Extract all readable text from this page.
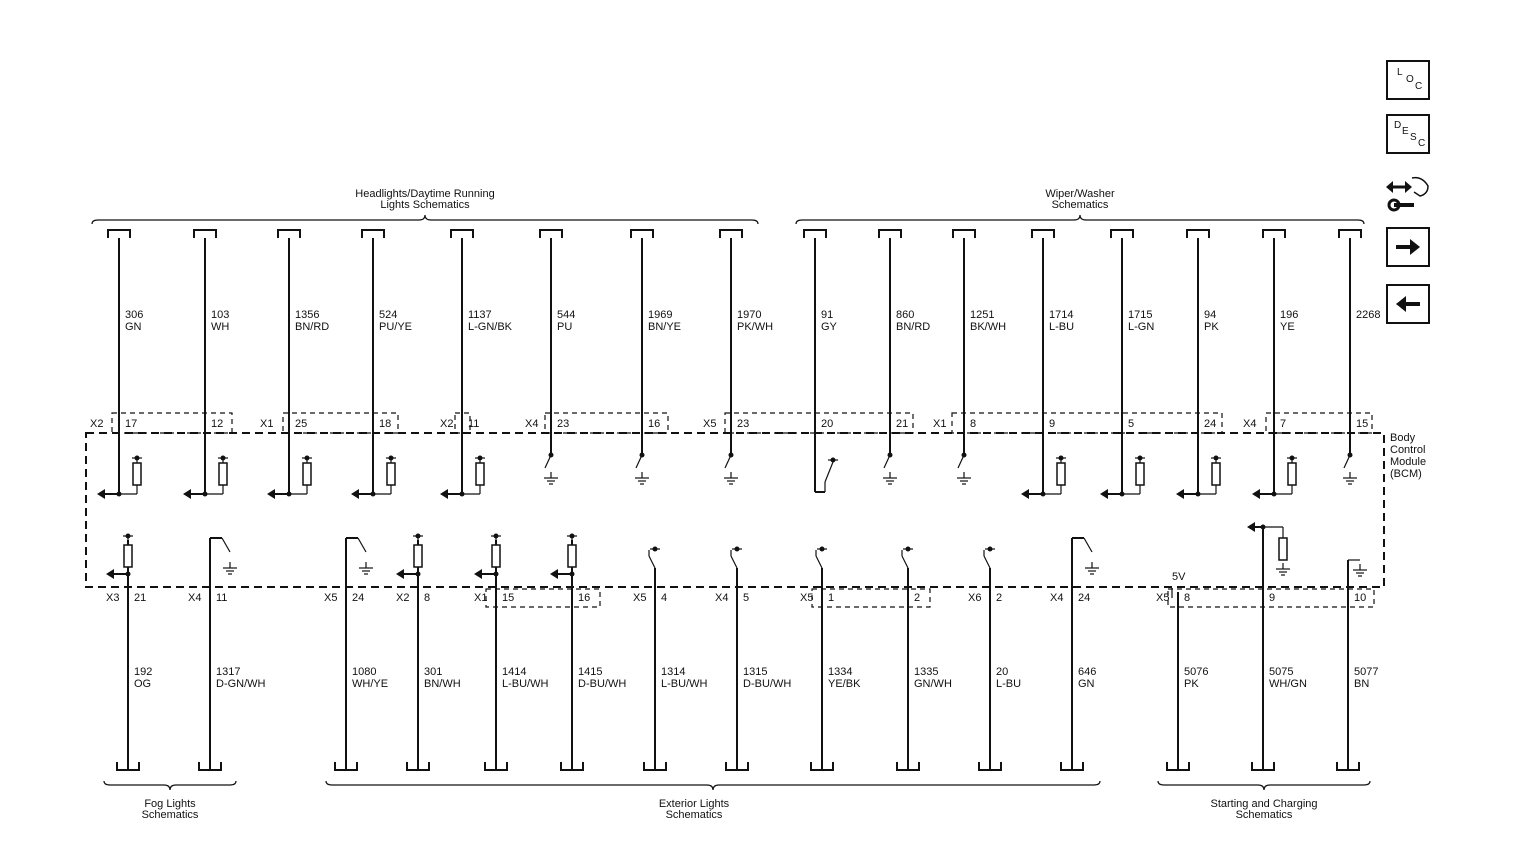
Headlights/Daytime Running
Lights Schematics
Wiper/Washer
Schematics
Body
Control
Module
(BCM)
306
GN
17
103
WH
12
1356
BN/RD
25
524
PU/YE
18
1137
L-GN/BK
11
544
PU
23
1969
BN/YE
16
1970
PK/WH
23
91
GY
20
860
BN/RD
21
1251
BK/WH
8
1714
L-BU
9
1715
L-GN
5
94
PK
24
196
YE
7
2268
15
X2	X1	X2	X4	X5	X1	X4
Fog Lights
Schematics
Exterior Lights
Schematics
Starting and Charging
Schematics
192
OG
21
X3
1317
D-GN/WH
11
X4
1080
WH/YE
24
X5
301
BN/WH
8
X2
1414
L-BU/WH
15
X1
1415
D-BU/WH
16
1314
L-BU/WH
4
X5
1315
D-BU/WH
5
X4
1334
YE/BK
1
X5
1335
GN/WH
2
20
L-BU
2
X6
646
GN
24
X4
5076
PK
8
X5
5075
WH/GN
9
5077
BN
10
5V
L
O
C
D
E
S
C
